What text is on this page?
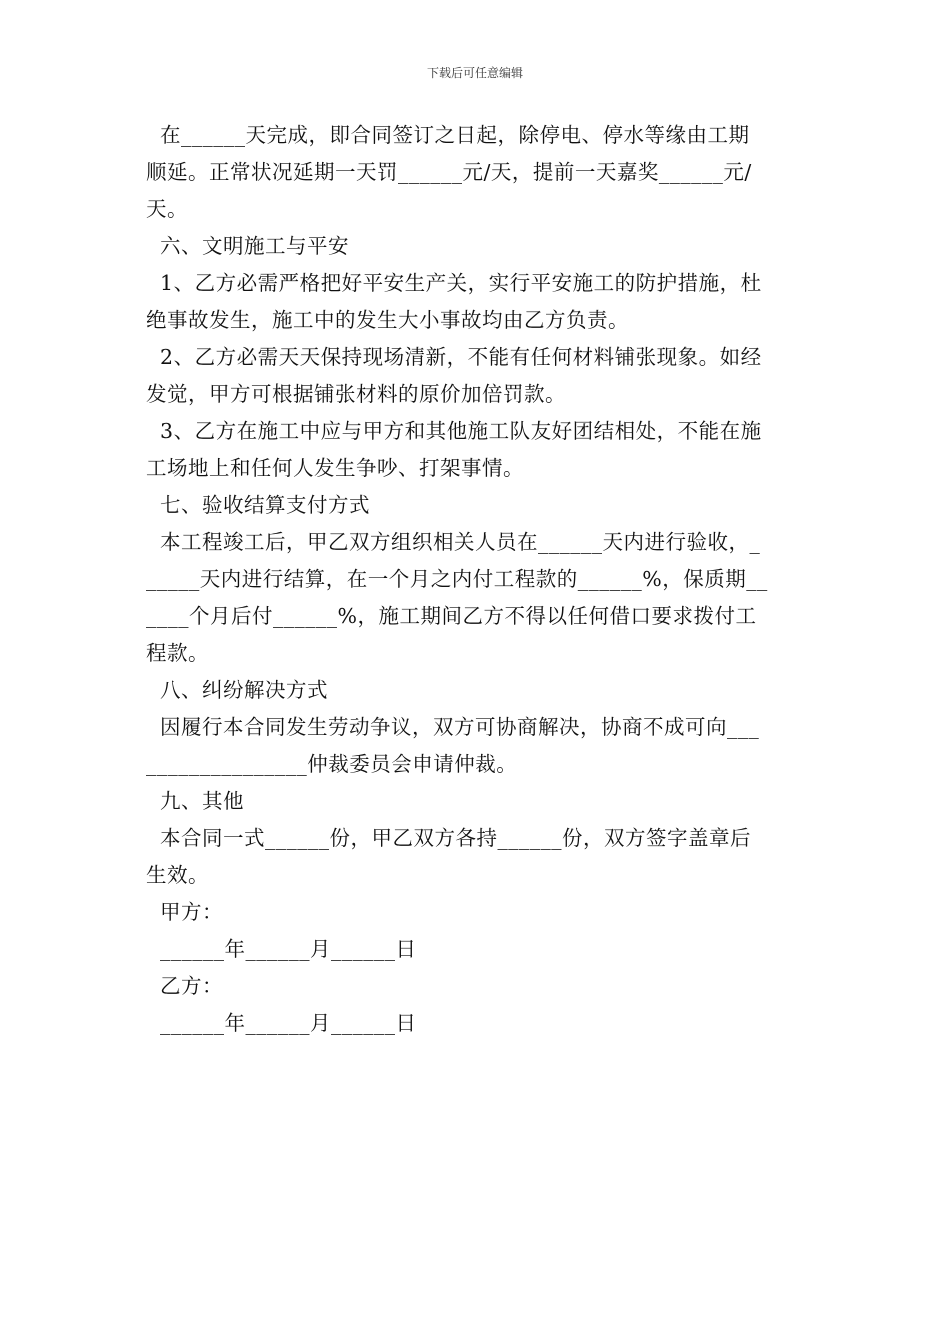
下载后可任意编辑
在______天完成，即合同签订之日起，除停电、停水等缘由工期
顺延。正常状况延期一天罚______元/天，提前一天嘉奖______元/
天。
六、文明施工与平安
1、乙方必需严格把好平安生产关，实行平安施工的防护措施，杜
绝事故发生，施工中的发生大小事故均由乙方负责。
2、乙方必需天天保持现场清新，不能有任何材料铺张现象。如经
发觉，甲方可根据铺张材料的原价加倍罚款。
3、乙方在施工中应与甲方和其他施工队友好团结相处，不能在施
工场地上和任何人发生争吵、打架事情。
七、验收结算支付方式
本工程竣工后，甲乙双方组织相关人员在______天内进行验收，_
_____天内进行结算，在一个月之内付工程款的______%，保质期__
____个月后付______%，施工期间乙方不得以任何借口要求拨付工
程款。
八、纠纷解决方式
因履行本合同发生劳动争议，双方可协商解决，协商不成可向___
_______________仲裁委员会申请仲裁。
九、其他
本合同一式______份，甲乙双方各持______份，双方签字盖章后
生效。
甲方：
______年______月______日
乙方：
______年______月______日
